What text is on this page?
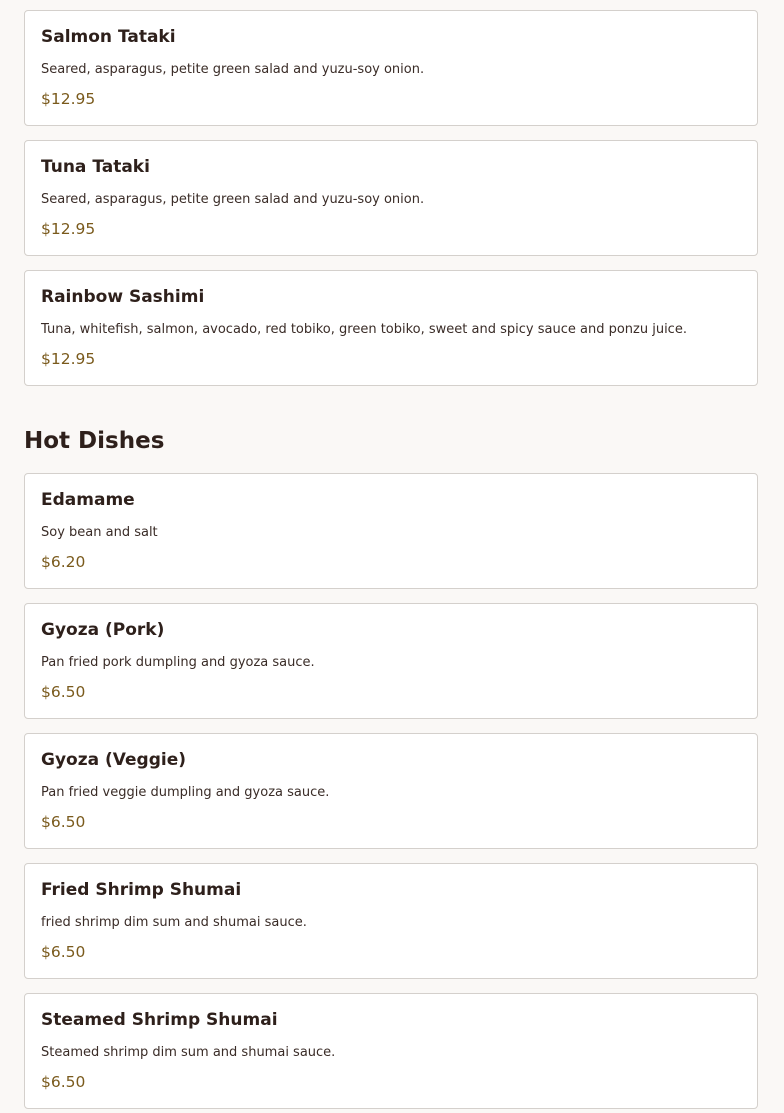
Salmon Tataki

Seared, asparagus, petite green salad and yuzu-soy onion.

$12.95

Tuna Tataki

Seared, asparagus, petite green salad and yuzu-soy onion.

$12.95

Rainbow Sashimi

Tuna, whitefish, salmon, avocado, red tobiko, green tobiko, sweet and spicy sauce and ponzu juice.

$12.95

Hot Dishes
Edamame

Soy bean and salt

$6.20

Gyoza (Pork)

Pan fried pork dumpling and gyoza sauce.

$6.50

Gyoza (Veggie)

Pan fried veggie dumpling and gyoza sauce.

$6.50

Fried Shrimp Shumai

fried shrimp dim sum and shumai sauce.

$6.50

Steamed Shrimp Shumai

Steamed shrimp dim sum and shumai sauce.

$6.50
